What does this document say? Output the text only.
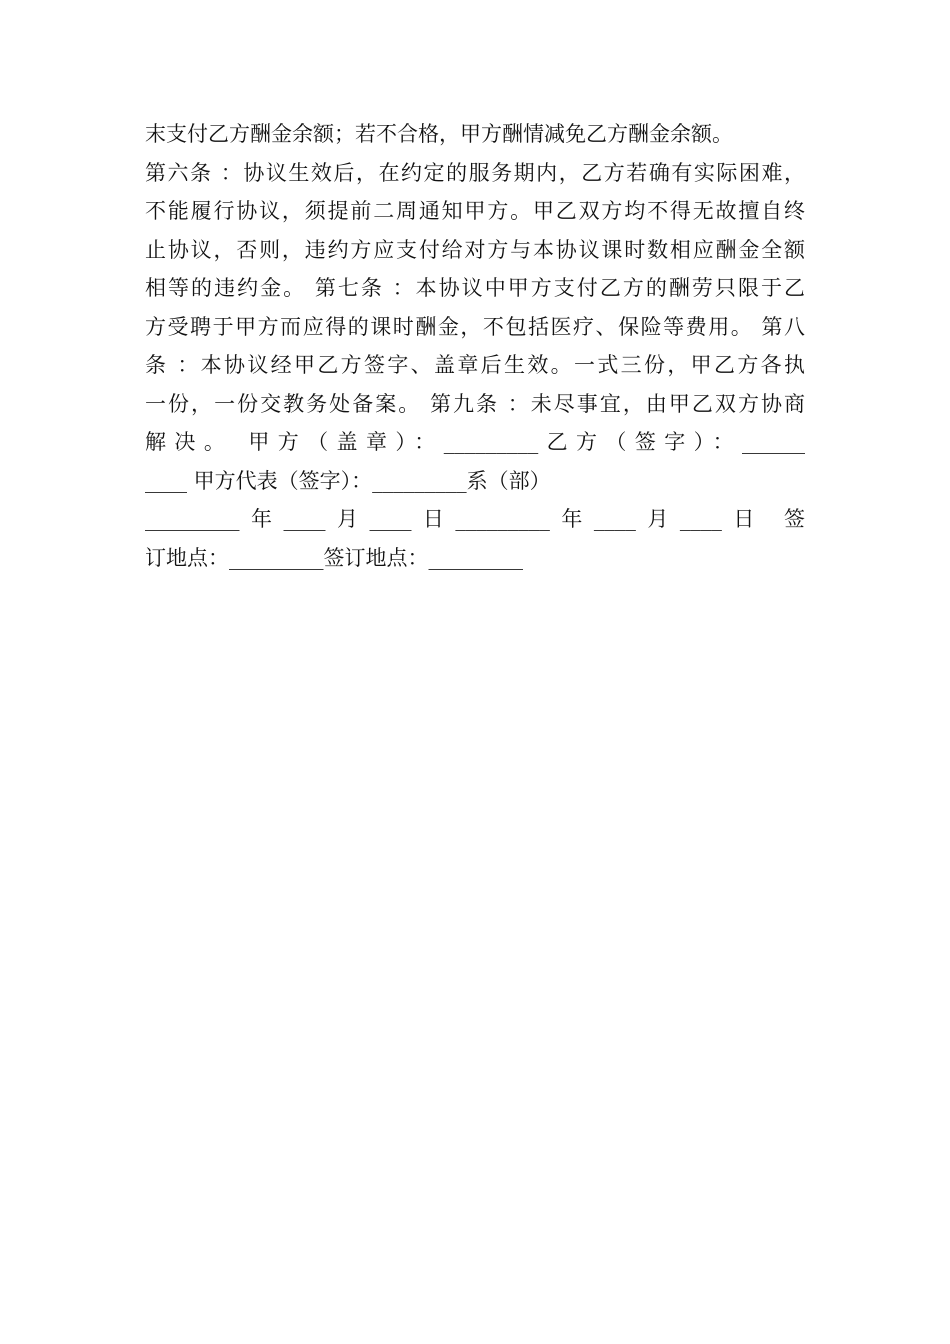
末支付乙方酬金余额；若不合格，甲方酬情减免乙方酬金余额。
第六条 ：协议生效后，在约定的服务期内，乙方若确有实际困难，
不能履行协议，须提前二周通知甲方。甲乙双方均不得无故擅自终
止协议，否则，违约方应支付给对方与本协议课时数相应酬金全额
相等的违约金。 第七条 ：本协议中甲方支付乙方的酬劳只限于乙
方受聘于甲方而应得的课时酬金，不包括医疗、保险等费用。 第八
条 ：本协议经甲乙方签字、盖章后生效。一式三份，甲乙方各执
一份，一份交教务处备案。 第九条 ：未尽事宜，由甲乙双方协商
解决。 甲方（盖章）：_________乙方（签字）：______
____ 甲方代表（签字）：_________系（部）
_________年____月____日_________年____月____日 签
订地点：_________签订地点：_________
